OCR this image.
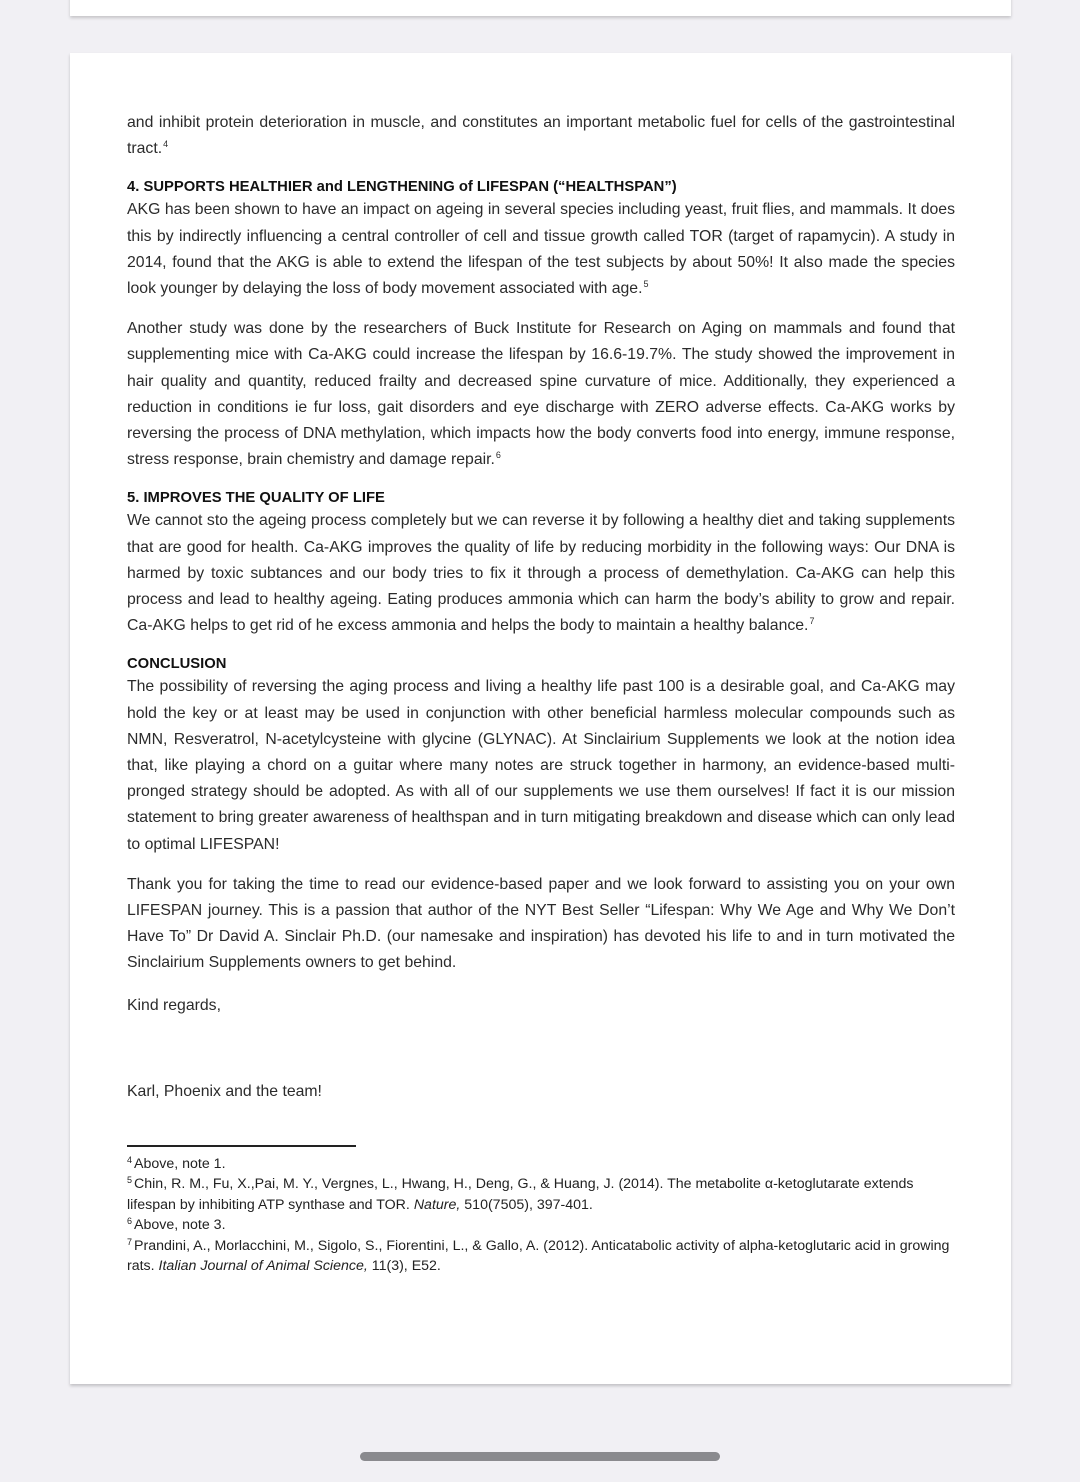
and inhibit protein deterioration in muscle, and constitutes an important metabolic fuel for cells of the gastrointestinal tract.$^4$

4. SUPPORTS HEALTHIER and LENGTHENING of LIFESPAN (“HEALTHSPAN”)

AKG has been shown to have an impact on ageing in several species including yeast, fruit flies, and mammals. It does this by indirectly influencing a central controller of cell and tissue growth called TOR (target of rapamycin). A study in 2014, found that the AKG is able to extend the lifespan of the test subjects by about 50%! It also made the species look younger by delaying the loss of body movement associated with age.$^5$

Another study was done by the researchers of Buck Institute for Research on Aging on mammals and found that supplementing mice with Ca-AKG could increase the lifespan by 16.6-19.7%. The study showed the improvement in hair quality and quantity, reduced frailty and decreased spine curvature of mice. Additionally, they experienced a reduction in conditions ie fur loss, gait disorders and eye discharge with ZERO adverse effects. Ca-AKG works by reversing the process of DNA methylation, which impacts how the body converts food into energy, immune response, stress response, brain chemistry and damage repair.$^6$

5. IMPROVES THE QUALITY OF LIFE

We cannot sto the ageing process completely but we can reverse it by following a healthy diet and taking supplements that are good for health. Ca-AKG improves the quality of life by reducing morbidity in the following ways: Our DNA is harmed by toxic subtances and our body tries to fix it through a process of demethylation. Ca-AKG can help this process and lead to healthy ageing. Eating produces ammonia which can harm the body’s ability to grow and repair. Ca-AKG helps to get rid of he excess ammonia and helps the body to maintain a healthy balance.$^7$

CONCLUSION

The possibility of reversing the aging process and living a healthy life past 100 is a desirable goal, and Ca-AKG may hold the key or at least may be used in conjunction with other beneficial harmless molecular compounds such as NMN, Resveratrol, N-acetylcysteine with glycine (GLYNAC). At Sinclairium Supplements we look at the notion idea that, like playing a chord on a guitar where many notes are struck together in harmony, an evidence-based multi-pronged strategy should be adopted. As with all of our supplements we use them ourselves! If fact it is our mission statement to bring greater awareness of healthspan and in turn mitigating breakdown and disease which can only lead to optimal LIFESPAN!

Thank you for taking the time to read our evidence-based paper and we look forward to assisting you on your own LIFESPAN journey. This is a passion that author of the NYT Best Seller “Lifespan: Why We Age and Why We Don’t Have To” Dr David A. Sinclair Ph.D. (our namesake and inspiration) has devoted his life to and in turn motivated the Sinclairium Supplements owners to get behind.

Kind regards,

Karl, Phoenix and the team!

$^4$ Above, note 1.

$^5$ Chin, R. M., Fu, X.,Pai, M. Y., Vergnes, L., Hwang, H., Deng, G., & Huang, J. (2014). The metabolite α-ketoglutarate extends lifespan by inhibiting ATP synthase and TOR. Nature, 510(7505), 397-401.

$^6$ Above, note 3.

$^7$ Prandini, A., Morlacchini, M., Sigolo, S., Fiorentini, L., & Gallo, A. (2012). Anticatabolic activity of alpha-ketoglutaric acid in growing rats. Italian Journal of Animal Science, 11(3), E52.
